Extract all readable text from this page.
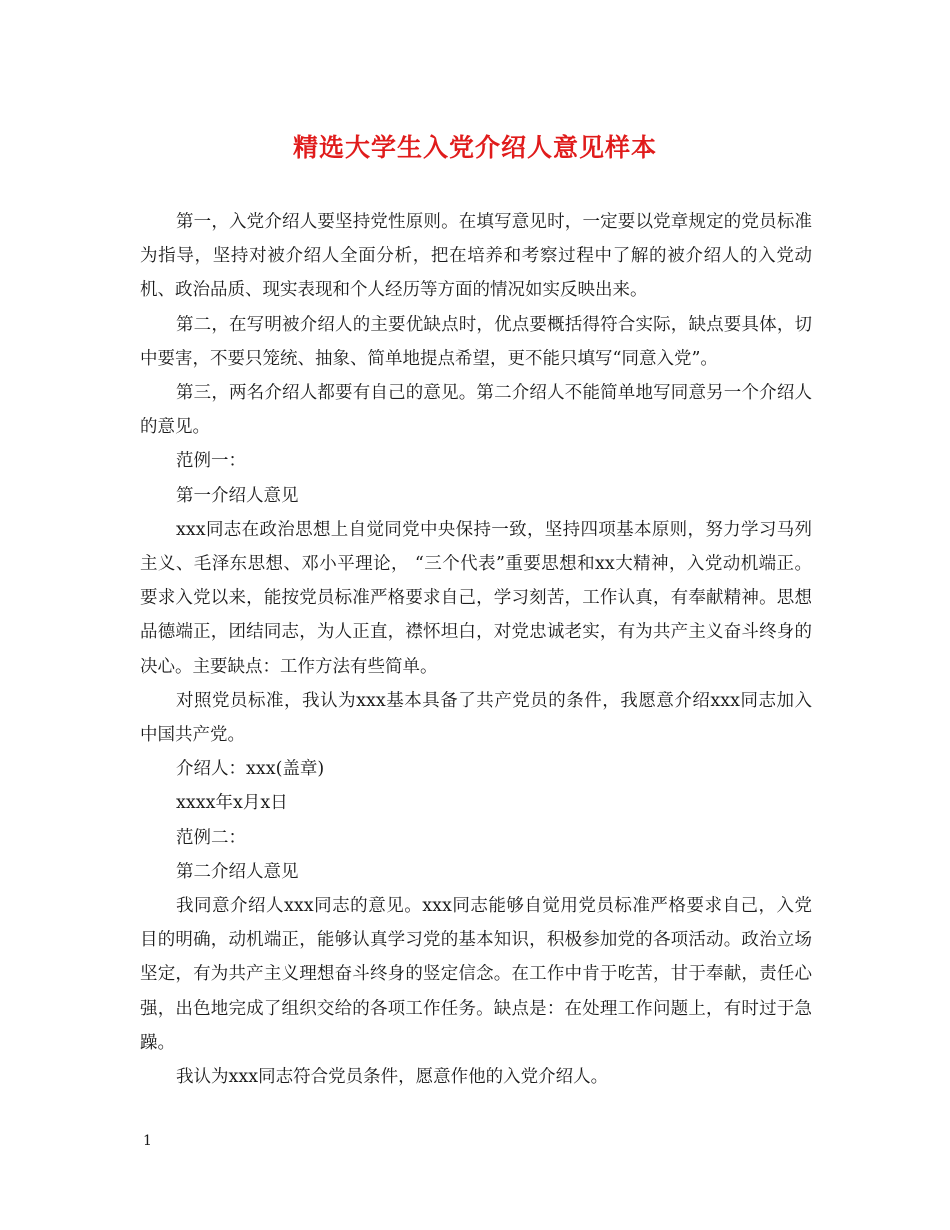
精选大学生入党介绍人意见样本

第一，入党介绍人要坚持党性原则。在填写意见时，一定要以党章规定的党员标准为指导，坚持对被介绍人全面分析，把在培养和考察过程中了解的被介绍人的入党动机、政治品质、现实表现和个人经历等方面的情况如实反映出来。

第二，在写明被介绍人的主要优缺点时，优点要概括得符合实际，缺点要具体，切中要害，不要只笼统、抽象、简单地提点希望，更不能只填写“同意入党”。

第三，两名介绍人都要有自己的意见。第二介绍人不能简单地写同意另一个介绍人的意见。

范例一：

第一介绍人意见

xxx同志在政治思想上自觉同党中央保持一致，坚持四项基本原则，努力学习马列主义、毛泽东思想、邓小平理论， “三个代表”重要思想和xx大精神，入党动机端正。要求入党以来，能按党员标准严格要求自己，学习刻苦，工作认真，有奉献精神。思想品德端正，团结同志，为人正直，襟怀坦白，对党忠诚老实，有为共产主义奋斗终身的决心。主要缺点：工作方法有些简单。

对照党员标准，我认为xxx基本具备了共产党员的条件，我愿意介绍xxx同志加入中国共产党。

介绍人：xxx(盖章)

xxxx年x月x日

范例二：

第二介绍人意见

我同意介绍人xxx同志的意见。xxx同志能够自觉用党员标准严格要求自己，入党目的明确，动机端正，能够认真学习党的基本知识，积极参加党的各项活动。政治立场坚定，有为共产主义理想奋斗终身的竖定信念。在工作中肯于吃苦，甘于奉献，责任心强，出色地完成了组织交给的各项工作任务。缺点是：在处理工作问题上，有时过于急躁。

我认为xxx同志符合党员条件，愿意作他的入党介绍人。

1
